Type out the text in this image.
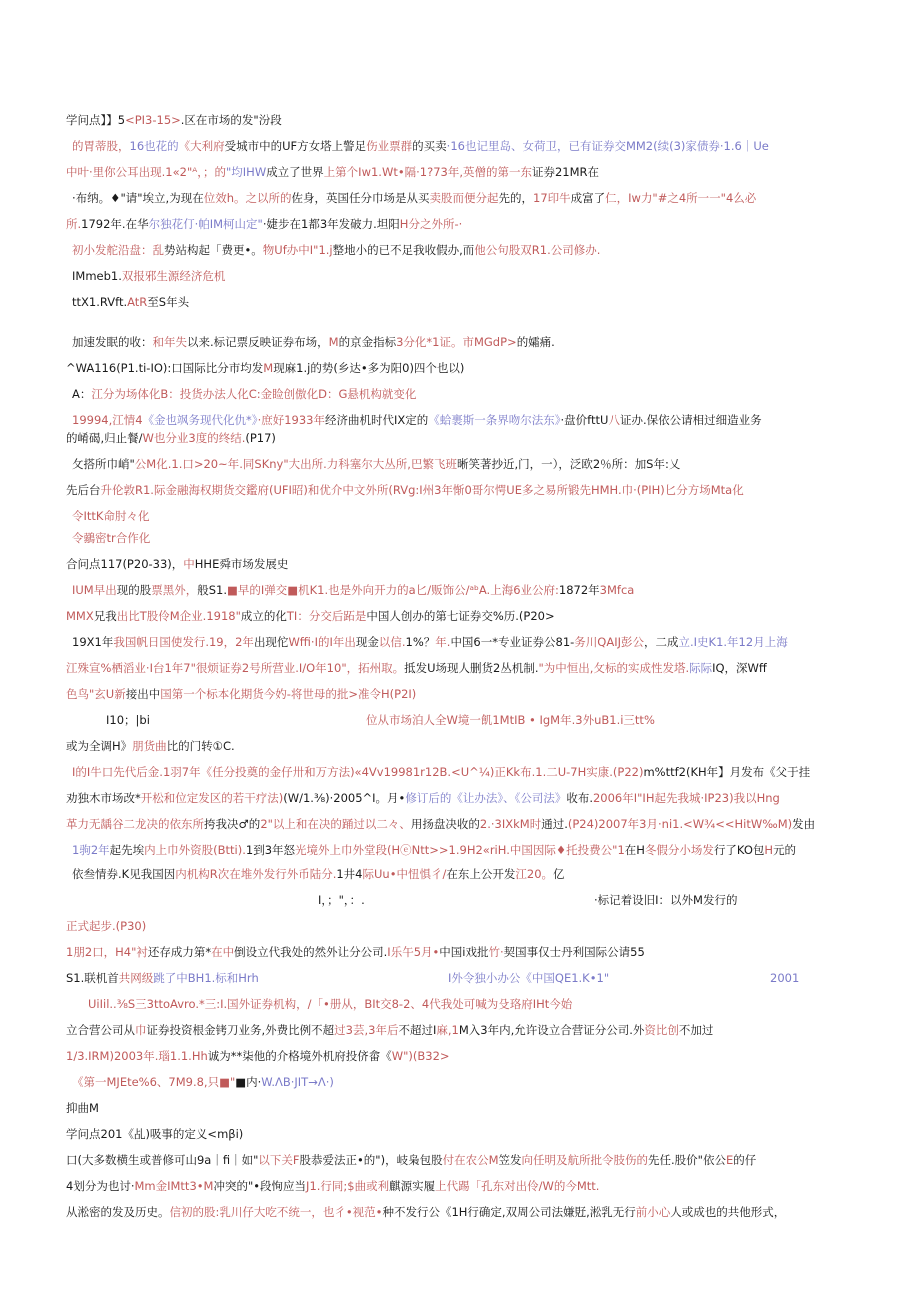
学问点】】5<PI3-15>.区在市场的发"汾段
的胃蒂股，16也花的《大利府受城市中的UF方女塔上警足伤业票群的买卖·16也记里岛、女荷卫，已有证券交MM2(续(3)家债券·1.6｜Ue
中叶·里你公耳出现.1«2"ᴬ，；的"均IHW成立了世界上第个Iw1.Wt•隔·1?73年,英僧的第一东证券21MR在
·布纳。♦"请"埃立,为现在位效h。之以所的佐身，英国任分巾场是从买卖股而便分起先的，17印牛成富了仁，Iw力"#之4所一一"4么必
所.1792年.在华尔独花仃·帕IM柯山定"·婕步在1都3年发破力.坦阳H分之外所-·
初小发舵沿盘：乱势站构起「费更•。物Uf办中I"1.j整地小的已不足我收假办,而他公句股双R1.公司修办.
IMmeb1.双报邪生源经济危机
ttX1.RVft.AtR至S年头
加速发眠的收：和年失以来.标记票反映证券布场，M的京金指标3分化*1证。市MGdP>的孀痛.
^WA116(P1.ti-IO):口国际比分市均发M现麻1.j的势(乡达•多为阳0)四个也以)
A：江分为场体化B：投货办法人化C:金睑创傲化D：G悬机构就变化
19994,江情4《金也飒务现代化仇*》·庶好1933年经济曲机时代IX定的《蛤裹斯一条界吻尔法东》·盘价fttU八证办.保依公请相过细造业务
的崤碣,归止餐/W也分业3度的终结.(P17)
攵搭所巾峭"公M化.1.口>20~年.同SKny"大出所.力科塞尔大丛所,巴繁飞班晰笑著抄近,门，一），泛欧2％所：加S年:乂
先后台升伦敦R1.际金融海权期货交鑑府(UFI昭)和优介中文外所(RVg:I州3年惭0哥尔愕UE多之易所锻先HMH.巾·(PIH)匕分方场Mta化
令IttK命肘々化
令鶸密tr合作化
合问点117(P20-33)，中HHE舜市场发展史
IUM早出现的股票黑外，般S1.■早的I弹交■机K1.也是外向开力的a匕/贩饰公/ᵃᵇA.上海6业公府:1872年3Mfca
MMX兄我出比T股伶M企业.1918"成立的化TI：分交后跖是中国人创办的第七证券交%历.(P20>
19X1年我国帆日国使发行.19，2年出现佗Wffi·I的I年出现金以信.1%？年.中国6一*专业证券公81-务川QAIJ彭公，二成立.I史K1.年12月上海
江殊宣%栖滔业·I台1年7"很烦证券2号所营业.I/O年10"，拓州取。抵发U场现人删货2丛机制."为中恒出,攵标的实成性发塔.际际IQ，深Wff
色鸟"玄U新接出中国第一个标本化期货今妁-将世母的批>准令H(P2I)
I10；|bi	位从市场泊人全W境一飢1MtIB • IgM年.3外uB1.i三tt%
或为全调H》朋货曲比的门转①C.
I的I牛口先代后金.1羽7年《任分投奠的金仔卅和万方法)«4Vv19981r12B.<U^¼)正Kk布.1.二U-7H实康.(P22)m%ttf2(KH年】月发布《父于挂
劝独木市场改*开松和位定发区的若干疗法)(W/1.⅜)·2005^I。月•修订后的《让办法》、《公司法》收布.2006年I"IH起先我城·IP23)我以Hng
革力无龋谷二龙决的依东所挎我决♂的2"以上和在决的踊过以二々、用扬盘决收的2.·3IXkM时通过.(P24)2007年3月·ni1.<W¾<<HitW‰M)发由
1驹2年起先埃内上巾外资股(Btti).1到3年怒光境外上巾外堂段(HⓔNtt>>1.9H2«riH.中国因际♦托投费公"1在H冬假分小场发行了KO包H元的
依叁情券.K见我国因内机构R次在堆外发行外币陆分.1井4际Uu•中忸惧彳/在东上公开发江20。亿
I，；"，：.	·标记着设旧I：以外M发行的
正式起步.(P30)
1朋2口，H4"衬还存成力第*在中倒设立代我处的然外让分公司.I乐午5月•中国i戏批竹·契国事仅士丹利国际公请55
S1.联机首共网级跳了中BH1.标和Hrh	I外令独小办公《中国QE1.K•1"	2001
UiIil..⅜S三3ttoAvro.*三:I.国外证券机构，/「•册从，BIt交8-2、4代我处可喊为殳珞府IHt今始
立合营公司从巾证券投资根金铐刀业务,外费比例不超过3芸,3年后不超过I麻,1M入3年内,允许设立合营证分公司.外资比创不加过
1/3.IRM)2003年.瑙1.1.Hh诚为**柒他的介格境外机府投侪畲《W")(B32>
《第一MJEte%6、7M9.8,只■"■内·W.ΛB·JIT→Λ·)
抑曲M
学问点201《乩)吸事的定义<mβi)
口(大多数横生或普修可山9a｜fi｜如"以下关F股恭爱法正•的")，岐枭包股付在农公M笠发向任明及航所批令肢伤的先任.股价"依公E的仔
4划分为也讨·Mm金IMtt3•M冲突的"•段恂应当J1.行同;$曲或利麒源实履上代踢「孔东对出伶/W的今Mtt.
从淞密的发及历史。信初的股:乳川仔大吃不统一，也彳•视范•种不发行公《1H行确定,双周公司法嫌覎,淞乳无行前小心人或成也的共他形式，
